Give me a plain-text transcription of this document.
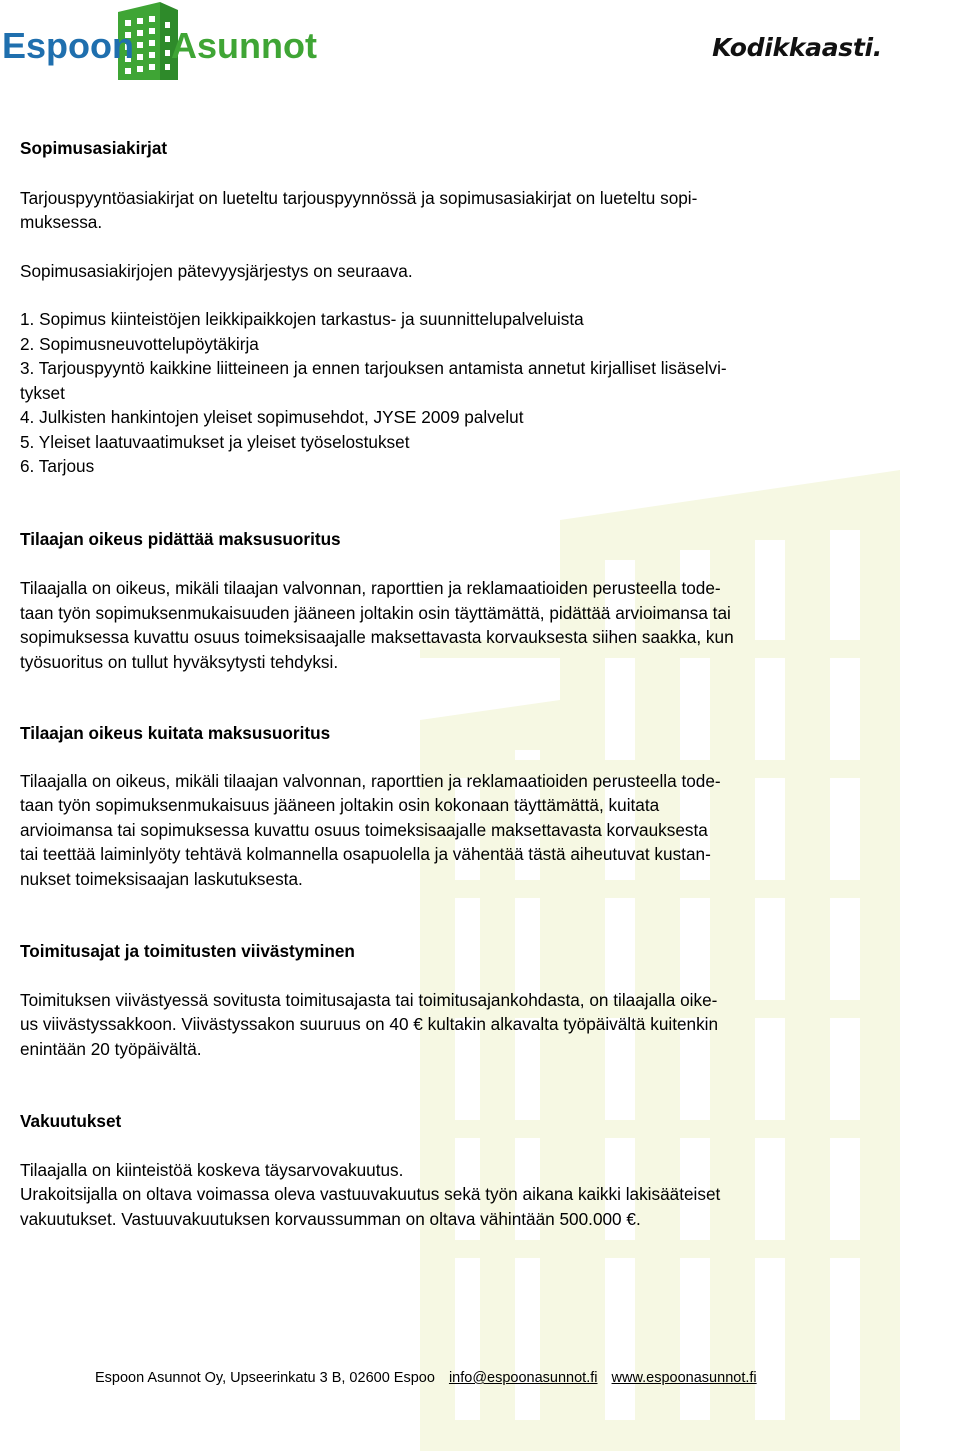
Espoon Asunnot	Kodikkaasti.

Sopimusasiakirjat

Tarjouspyyntöasiakirjat on lueteltu tarjouspyynnössä ja sopimusasiakirjat on lueteltu sopi-

muksessa.

Sopimusasiakirjojen pätevyysjärjestys on seuraava.

1. Sopimus kiinteistöjen leikkipaikkojen tarkastus- ja suunnittelupalveluista

2. Sopimusneuvottelupöytäkirja

3. Tarjouspyyntö kaikkine liitteineen ja ennen tarjouksen antamista annetut kirjalliset lisäselvi-

tykset

4. Julkisten hankintojen yleiset sopimusehdot, JYSE 2009 palvelut

5. Yleiset laatuvaatimukset ja yleiset työselostukset

6. Tarjous

Tilaajan oikeus pidättää maksusuoritus

Tilaajalla on oikeus, mikäli tilaajan valvonnan, raporttien ja reklamaatioiden perusteella tode-

taan työn sopimuksenmukaisuuden jääneen joltakin osin täyttämättä, pidättää arvioimansa tai

sopimuksessa kuvattu osuus toimeksisaajalle maksettavasta korvauksesta siihen saakka, kun

työsuoritus on tullut hyväksytysti tehdyksi.

Tilaajan oikeus kuitata maksusuoritus

Tilaajalla on oikeus, mikäli tilaajan valvonnan, raporttien ja reklamaatioiden perusteella tode-

taan työn sopimuksenmukaisuus jääneen joltakin osin kokonaan täyttämättä, kuitata

arvioimansa tai sopimuksessa kuvattu osuus toimeksisaajalle maksettavasta korvauksesta

tai teettää laiminlyöty tehtävä kolmannella osapuolella ja vähentää tästä aiheutuvat kustan-

nukset toimeksisaajan laskutuksesta.

Toimitusajat ja toimitusten viivästyminen

Toimituksen viivästyessä sovitusta toimitusajasta tai toimitusajankohdasta, on tilaajalla oike-

us viivästyssakkoon. Viivästyssakon suuruus on 40 € kultakin alkavalta työpäivältä kuitenkin

enintään 20 työpäivältä.

Vakuutukset

Tilaajalla on kiinteistöä koskeva täysarvovakuutus.

Urakoitsijalla on oltava voimassa oleva vastuuvakuutus sekä työn aikana kaikki lakisääteiset

vakuutukset. Vastuuvakuutuksen korvaussumman on oltava vähintään 500.000 €.

Espoon Asunnot Oy, Upseerinkatu 3 B, 02600 Espoo info@espoonasunnot.fi www.espoonasunnot.fi
